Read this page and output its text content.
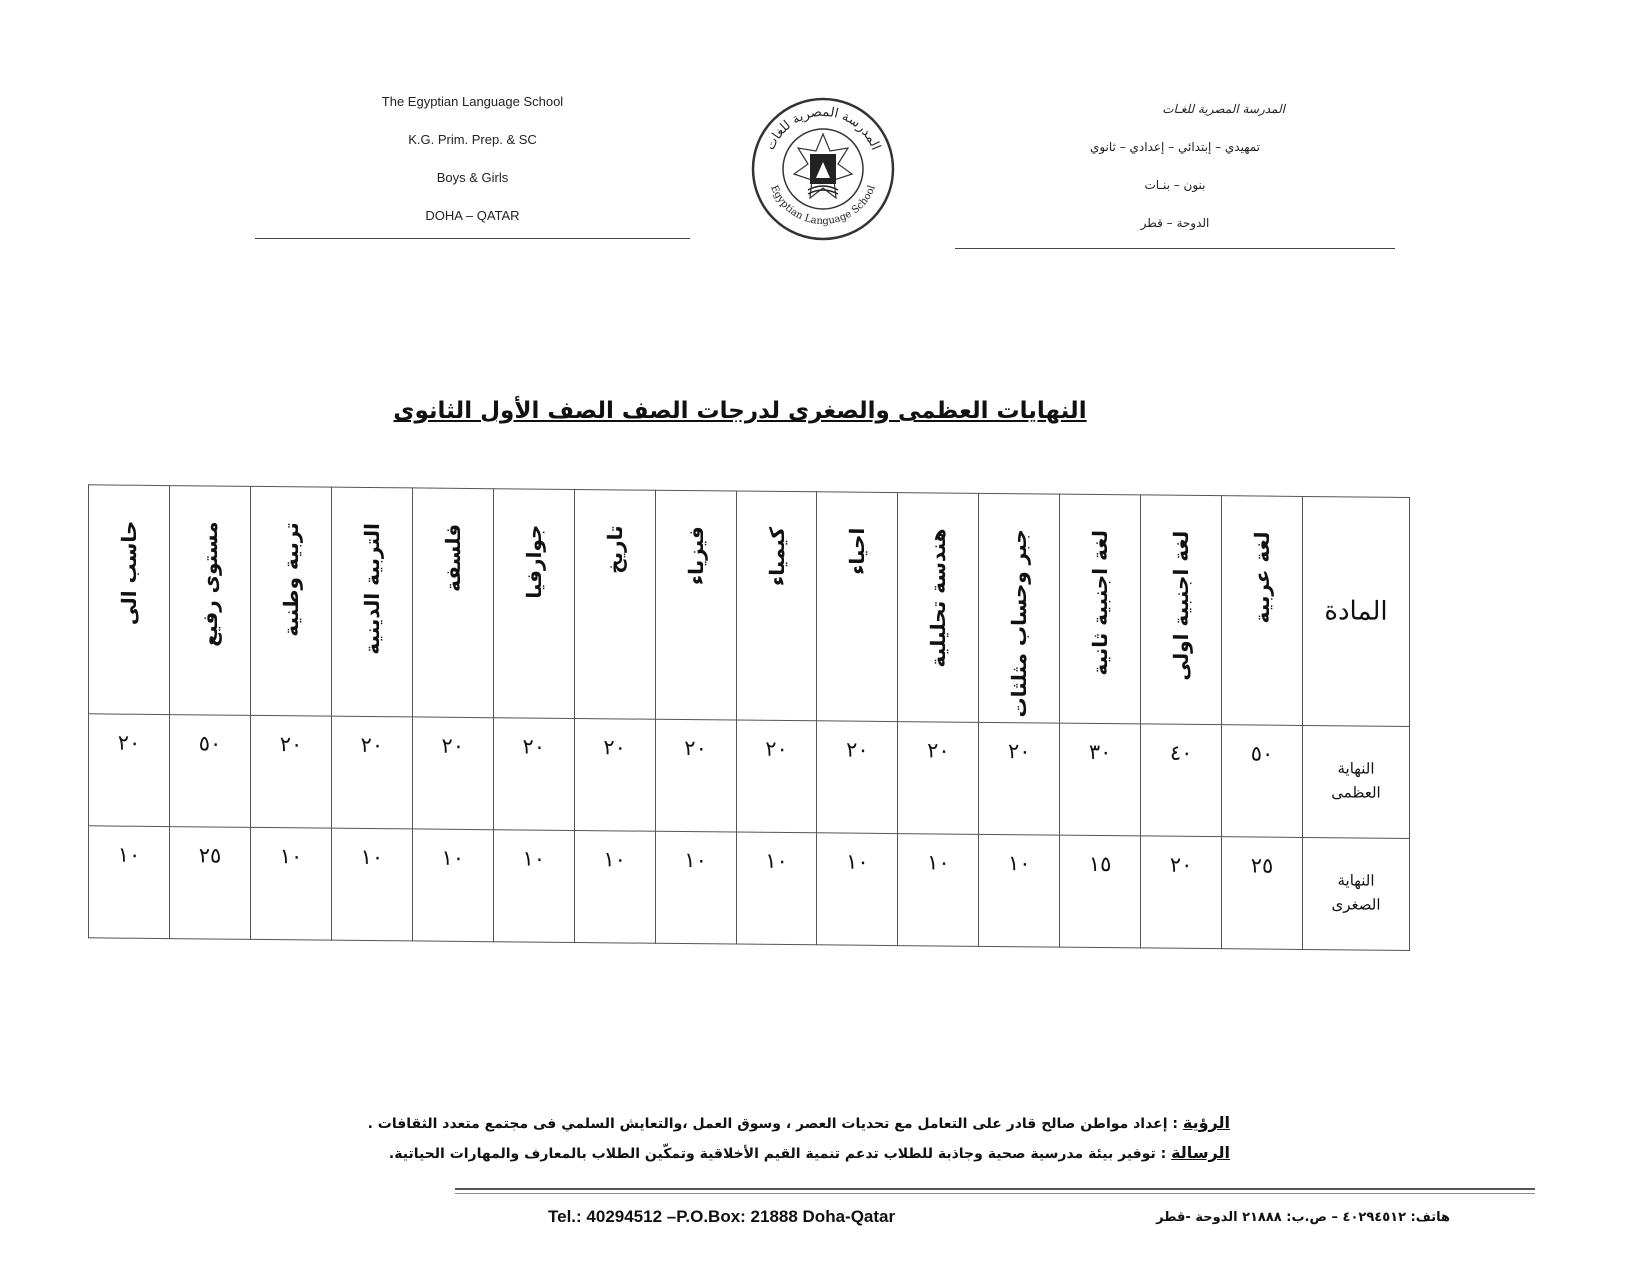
The Egyptian Language School
K.G. Prim. Prep. & SC
Boys & Girls
DOHA – QATAR
المدرسة المصرية للغات
Egyptian Language School
المدرسة المصرية للغـات
تمهيدي – إبتدائي – إعدادي – ثانوي
بنون – بنـات
الدوحة – قطر
النهايات العظمى والصغرى لدرجات الصف الصف الأول الثانوى
المادة	لغة عربية	لغة اجنبية اولى	لغة اجنبية ثانية	جبر وحساب مثلثات	هندسة تحليلية	احياء	كيمياء	فيزياء	تاريخ	جوارفيا	فلسفة	التربية الدينية	تربية وطنية	مستوى رفيع	حاسب الى

النهاية
العظمى	٥٠	٤٠	٣٠	٢٠	٢٠	٢٠	٢٠	٢٠	٢٠	٢٠	٢٠	٢٠	٢٠	٥٠	٢٠

النهاية
الصغرى	٢٥	٢٠	١٥	١٠	١٠	١٠	١٠	١٠	١٠	١٠	١٠	١٠	١٠	٢٥	١٠
الرؤية : إعداد مواطن صالح قادر على التعامل مع تحديات العصر ، وسوق العمل ،والتعايش السلمي فى مجتمع متعدد الثقافات .
الرسالة : توفير بيئة مدرسية صحية وجاذبة للطلاب تدعم تنمية القيم الأخلاقية وتمكّين الطلاب بالمعارف والمهارات الحياتية.
Tel.: 40294512 –P.O.Box: 21888 Doha-Qatar	هاتف: ٤٠٢٩٤٥١٢ – ص.ب: ٢١٨٨٨ الدوحة -قطر
